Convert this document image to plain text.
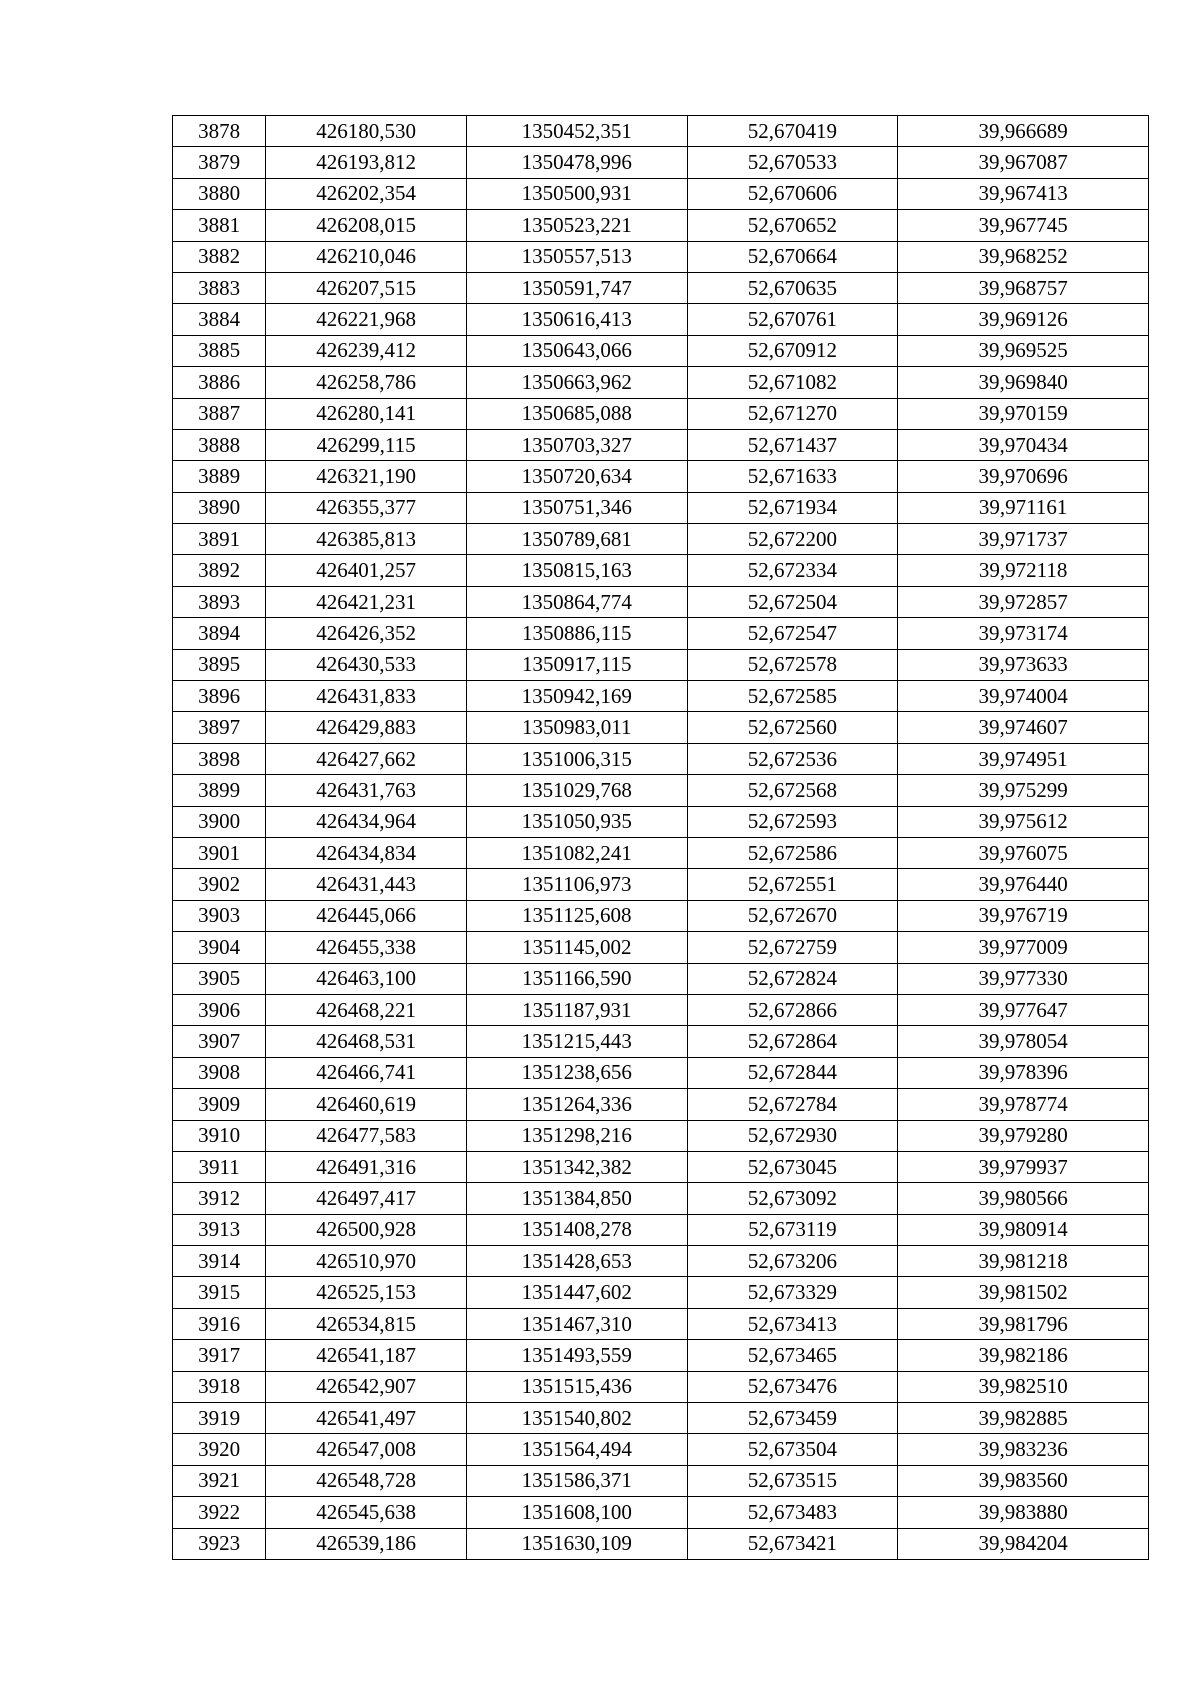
3878	426180,530	1350452,351	52,670419	39,966689
3879	426193,812	1350478,996	52,670533	39,967087
3880	426202,354	1350500,931	52,670606	39,967413
3881	426208,015	1350523,221	52,670652	39,967745
3882	426210,046	1350557,513	52,670664	39,968252
3883	426207,515	1350591,747	52,670635	39,968757
3884	426221,968	1350616,413	52,670761	39,969126
3885	426239,412	1350643,066	52,670912	39,969525
3886	426258,786	1350663,962	52,671082	39,969840
3887	426280,141	1350685,088	52,671270	39,970159
3888	426299,115	1350703,327	52,671437	39,970434
3889	426321,190	1350720,634	52,671633	39,970696
3890	426355,377	1350751,346	52,671934	39,971161
3891	426385,813	1350789,681	52,672200	39,971737
3892	426401,257	1350815,163	52,672334	39,972118
3893	426421,231	1350864,774	52,672504	39,972857
3894	426426,352	1350886,115	52,672547	39,973174
3895	426430,533	1350917,115	52,672578	39,973633
3896	426431,833	1350942,169	52,672585	39,974004
3897	426429,883	1350983,011	52,672560	39,974607
3898	426427,662	1351006,315	52,672536	39,974951
3899	426431,763	1351029,768	52,672568	39,975299
3900	426434,964	1351050,935	52,672593	39,975612
3901	426434,834	1351082,241	52,672586	39,976075
3902	426431,443	1351106,973	52,672551	39,976440
3903	426445,066	1351125,608	52,672670	39,976719
3904	426455,338	1351145,002	52,672759	39,977009
3905	426463,100	1351166,590	52,672824	39,977330
3906	426468,221	1351187,931	52,672866	39,977647
3907	426468,531	1351215,443	52,672864	39,978054
3908	426466,741	1351238,656	52,672844	39,978396
3909	426460,619	1351264,336	52,672784	39,978774
3910	426477,583	1351298,216	52,672930	39,979280
3911	426491,316	1351342,382	52,673045	39,979937
3912	426497,417	1351384,850	52,673092	39,980566
3913	426500,928	1351408,278	52,673119	39,980914
3914	426510,970	1351428,653	52,673206	39,981218
3915	426525,153	1351447,602	52,673329	39,981502
3916	426534,815	1351467,310	52,673413	39,981796
3917	426541,187	1351493,559	52,673465	39,982186
3918	426542,907	1351515,436	52,673476	39,982510
3919	426541,497	1351540,802	52,673459	39,982885
3920	426547,008	1351564,494	52,673504	39,983236
3921	426548,728	1351586,371	52,673515	39,983560
3922	426545,638	1351608,100	52,673483	39,983880
3923	426539,186	1351630,109	52,673421	39,984204
